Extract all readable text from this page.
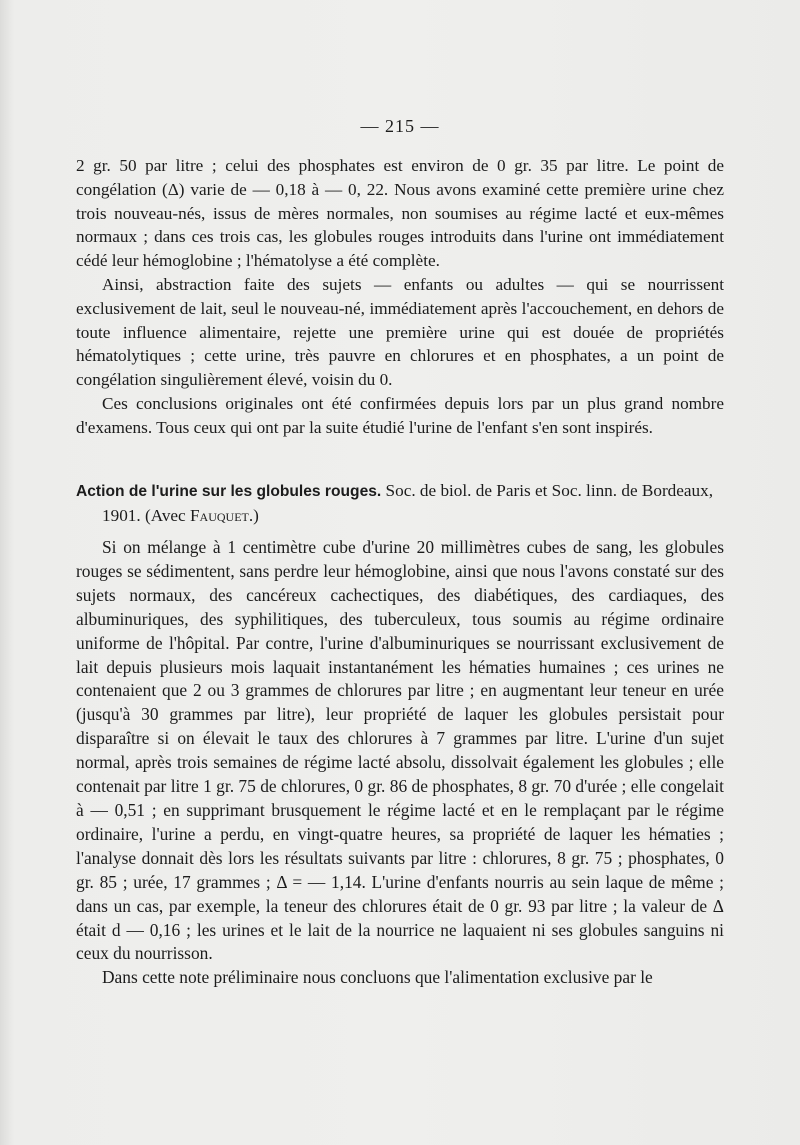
— 215 —

2 gr. 50 par litre ; celui des phosphates est environ de 0 gr. 35 par litre. Le point de congélation (Δ) varie de — 0,18 à — 0, 22. Nous avons examiné cette première urine chez trois nouveau-nés, issus de mères normales, non soumises au régime lacté et eux-mêmes normaux ; dans ces trois cas, les globules rouges introduits dans l'urine ont immédiatement cédé leur hémoglobine ; l'hématolyse a été complète.

Ainsi, abstraction faite des sujets — enfants ou adultes — qui se nourrissent exclusivement de lait, seul le nouveau-né, immédiatement après l'accouchement, en dehors de toute influence alimentaire, rejette une première urine qui est douée de propriétés hématolytiques ; cette urine, très pauvre en chlorures et en phosphates, a un point de congélation singulièrement élevé, voisin du 0.

Ces conclusions originales ont été confirmées depuis lors par un plus grand nombre d'examens. Tous ceux qui ont par la suite étudié l'urine de l'enfant s'en sont inspirés.

Action de l'urine sur les globules rouges. Soc. de biol. de Paris et Soc. linn. de Bordeaux,
1901. (Avec Fauquet.)

Si on mélange à 1 centimètre cube d'urine 20 millimètres cubes de sang, les globules rouges se sédimentent, sans perdre leur hémoglobine, ainsi que nous l'avons constaté sur des sujets normaux, des cancéreux cachectiques, des diabétiques, des cardiaques, des albuminuriques, des syphilitiques, des tuberculeux, tous soumis au régime ordinaire uniforme de l'hôpital. Par contre, l'urine d'albuminuriques se nourrissant exclusivement de lait depuis plusieurs mois laquait instantanément les hématies humaines ; ces urines ne contenaient que 2 ou 3 grammes de chlorures par litre ; en augmentant leur teneur en urée (jusqu'à 30 grammes par litre), leur propriété de laquer les globules persistait pour disparaître si on élevait le taux des chlorures à 7 grammes par litre. L'urine d'un sujet normal, après trois semaines de régime lacté absolu, dissolvait également les globules ; elle contenait par litre 1 gr. 75 de chlorures, 0 gr. 86 de phosphates, 8 gr. 70 d'urée ; elle congelait à — 0,51 ; en supprimant brusquement le régime lacté et en le remplaçant par le régime ordinaire, l'urine a perdu, en vingt-quatre heures, sa propriété de laquer les hématies ; l'analyse donnait dès lors les résultats suivants par litre : chlorures, 8 gr. 75 ; phosphates, 0 gr. 85 ; urée, 17 grammes ; Δ = — 1,14. L'urine d'enfants nourris au sein laque de même ; dans un cas, par exemple, la teneur des chlorures était de 0 gr. 93 par litre ; la valeur de Δ était d — 0,16 ; les urines et le lait de la nourrice ne laquaient ni ses globules sanguins ni ceux du nourrisson.

Dans cette note préliminaire nous concluons que l'alimentation exclusive par le
